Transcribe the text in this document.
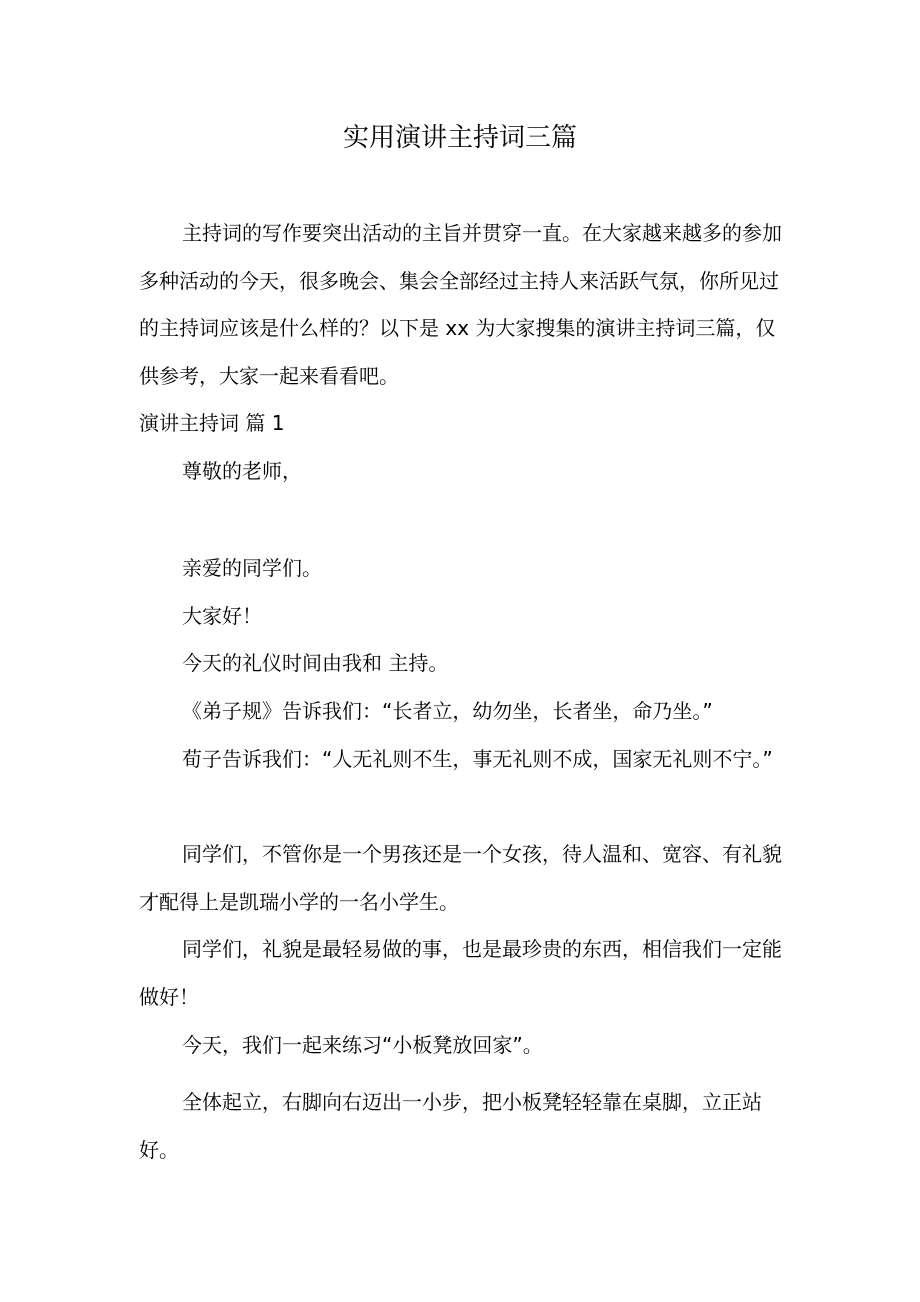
实用演讲主持词三篇

主持词的写作要突出活动的主旨并贯穿一直。在大家越来越多的参加多种活动的今天，很多晚会、集会全部经过主持人来活跃气氛，你所见过的主持词应该是什么样的？以下是 xx 为大家搜集的演讲主持词三篇，仅供参考，大家一起来看看吧。

演讲主持词 篇 1

尊敬的老师，

亲爱的同学们。

大家好！

今天的礼仪时间由我和 主持。

《弟子规》告诉我们：“长者立，幼勿坐，长者坐，命乃坐。”

荀子告诉我们：“人无礼则不生，事无礼则不成，国家无礼则不宁。”

同学们，不管你是一个男孩还是一个女孩，待人温和、宽容、有礼貌才配得上是凯瑞小学的一名小学生。

同学们，礼貌是最轻易做的事，也是最珍贵的东西，相信我们一定能做好！

今天，我们一起来练习“小板凳放回家”。

全体起立，右脚向右迈出一小步，把小板凳轻轻靠在桌脚，立正站好。
